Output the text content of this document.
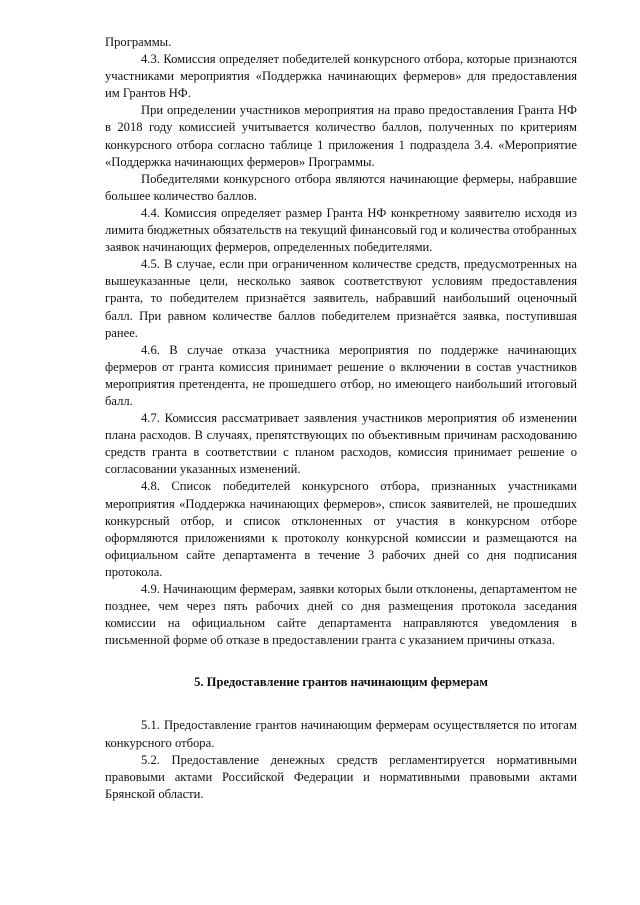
Программы.

4.3. Комиссия определяет победителей конкурсного отбора, которые признаются участниками мероприятия «Поддержка начинающих фермеров» для предоставления им Грантов НФ.

При определении участников мероприятия на право предоставления Гранта НФ в 2018 году комиссией учитывается количество баллов, полученных по критериям конкурсного отбора согласно таблице 1 приложения 1 подраздела 3.4. «Мероприятие «Поддержка начинающих фермеров» Программы.

Победителями конкурсного отбора являются начинающие фермеры, набравшие большее количество баллов.

4.4. Комиссия определяет размер Гранта НФ конкретному заявителю исходя из лимита бюджетных обязательств на текущий финансовый год и количества отобранных заявок начинающих фермеров, определенных победителями.

4.5. В случае, если при ограниченном количестве средств, предусмотренных на вышеуказанные цели, несколько заявок соответствуют условиям предоставления гранта, то победителем признаётся заявитель, набравший наибольший оценочный балл. При равном количестве баллов победителем признаётся заявка, поступившая ранее.

4.6. В случае отказа участника мероприятия по поддержке начинающих фермеров от гранта комиссия принимает решение о включении в состав участников мероприятия претендента, не прошедшего отбор, но имеющего наибольший итоговый балл.

4.7. Комиссия рассматривает заявления участников мероприятия об изменении плана расходов. В случаях, препятствующих по объективным причинам расходованию средств гранта в соответствии с планом расходов, комиссия принимает решение о согласовании указанных изменений.

4.8. Список победителей конкурсного отбора, признанных участниками мероприятия «Поддержка начинающих фермеров», список заявителей, не прошедших конкурсный отбор, и список отклоненных от участия в конкурсном отборе оформляются приложениями к протоколу конкурсной комиссии и размещаются на официальном сайте департамента в течение 3 рабочих дней со дня подписания протокола.

4.9. Начинающим фермерам, заявки которых были отклонены, департаментом не позднее, чем через пять рабочих дней со дня размещения протокола заседания комиссии на официальном сайте департамента направляются уведомления в письменной форме об отказе в предоставлении гранта с указанием причины отказа.

5. Предоставление грантов начинающим фермерам

5.1. Предоставление грантов начинающим фермерам осуществляется по итогам конкурсного отбора.

5.2. Предоставление денежных средств регламентируется нормативными правовыми актами Российской Федерации и нормативными правовыми актами Брянской области.
